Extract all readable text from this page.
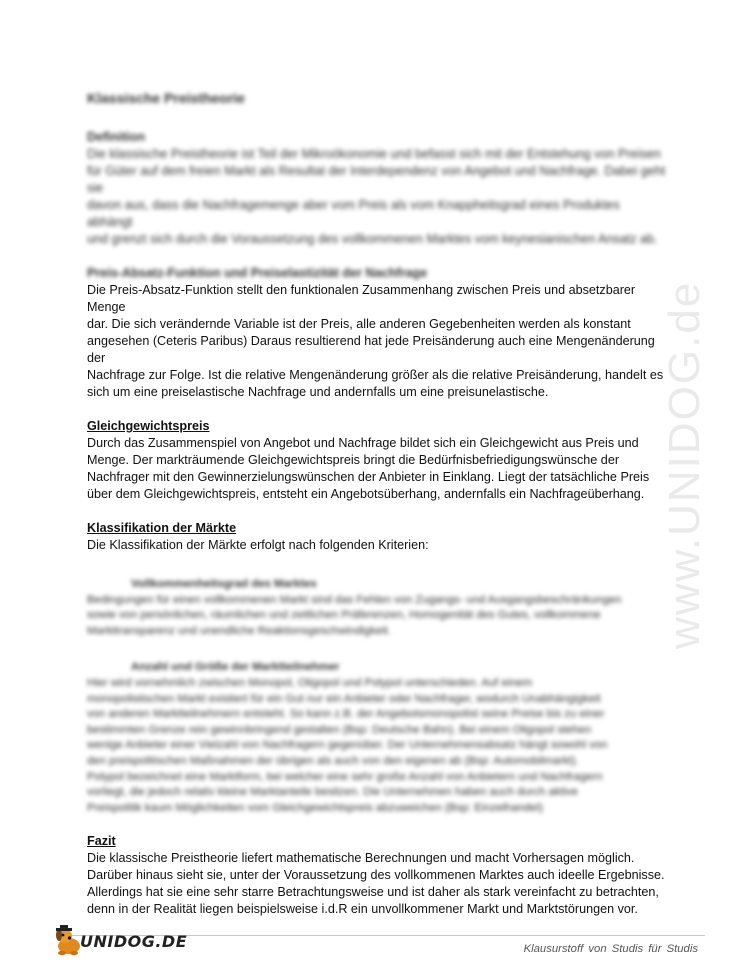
www.UNIDOG.de

Klassische Preistheorie

Definition

Die klassische Preistheorie ist Teil der Mikroökonomie und befasst sich mit der Entstehung von Preisen

für Güter auf dem freien Markt als Resultat der Interdependenz von Angebot und Nachfrage. Dabei geht sie

davon aus, dass die Nachfragemenge aber vom Preis als vom Knappheitsgrad eines Produktes abhängt

und grenzt sich durch die Voraussetzung des vollkommenen Marktes vom keynesianischen Ansatz ab.

Preis-Absatz-Funktion und Preiselastizität der Nachfrage

Die Preis-Absatz-Funktion stellt den funktionalen Zusammenhang zwischen Preis und absetzbarer Menge

dar. Die sich verändernde Variable ist der Preis, alle anderen Gegebenheiten werden als konstant

angesehen (Ceteris Paribus) Daraus resultierend hat jede Preisänderung auch eine Mengenänderung der

Nachfrage zur Folge. Ist die relative Mengenänderung größer als die relative Preisänderung, handelt es

sich um eine preiselastische Nachfrage und andernfalls um eine preisunelastische.

Gleichgewichtspreis

Durch das Zusammenspiel von Angebot und Nachfrage bildet sich ein Gleichgewicht aus Preis und

Menge. Der markträumende Gleichgewichtspreis bringt die Bedürfnisbefriedigungswünsche der

Nachfrager mit den Gewinnerzielungswünschen der Anbieter in Einklang. Liegt der tatsächliche Preis

über dem Gleichgewichtspreis, entsteht ein Angebotsüberhang, andernfalls ein Nachfrageüberhang.

Klassifikation der Märkte

Die Klassifikation der Märkte erfolgt nach folgenden Kriterien:

Vollkommenheitsgrad des Marktes

Bedingungen für einen vollkommenen Markt sind das Fehlen von Zugangs- und Ausgangsbeschränkungen

sowie von persönlichen, räumlichen und zeitlichen Präferenzen, Homogenität des Gutes, vollkommene

Markttransparenz und unendliche Reaktionsgeschwindigkeit.

Anzahl und Größe der Marktteilnehmer

Hier wird vornehmlich zwischen Monopol, Oligopol und Polypol unterschieden. Auf einem

monopolistischen Markt existiert für ein Gut nur ein Anbieter oder Nachfrager, wodurch Unabhängigkeit

von anderen Marktteilnehmern entsteht. So kann z.B. der Angebotsmonopolist seine Preise bis zu einer

bestimmten Grenze rein gewinnbringend gestalten (Bsp: Deutsche Bahn). Bei einem Oligopol stehen

wenige Anbieter einer Vielzahl von Nachfragern gegenüber. Der Unternehmensabsatz hängt sowohl von

den preispolitischen Maßnahmen der übrigen als auch von den eigenen ab (Bsp: Automobilmarkt).

Polypol bezeichnet eine Marktform, bei welcher eine sehr große Anzahl von Anbietern und Nachfragern

vorliegt, die jedoch relativ kleine Marktanteile besitzen. Die Unternehmen haben auch durch aktive

Preispolitik kaum Möglichkeiten vom Gleichgewichtspreis abzuweichen (Bsp: Einzelhandel)

Fazit

Die klassische Preistheorie liefert mathematische Berechnungen und macht Vorhersagen möglich.

Darüber hinaus sieht sie, unter der Voraussetzung des vollkommenen Marktes auch ideelle Ergebnisse.

Allerdings hat sie eine sehr starre Betrachtungsweise und ist daher als stark vereinfacht zu betrachten,

denn in der Realität liegen beispielsweise i.d.R ein unvollkommener Markt und Marktstörungen vor.

UNIDOG.DE	Klausurstoff von Studis für Studis
